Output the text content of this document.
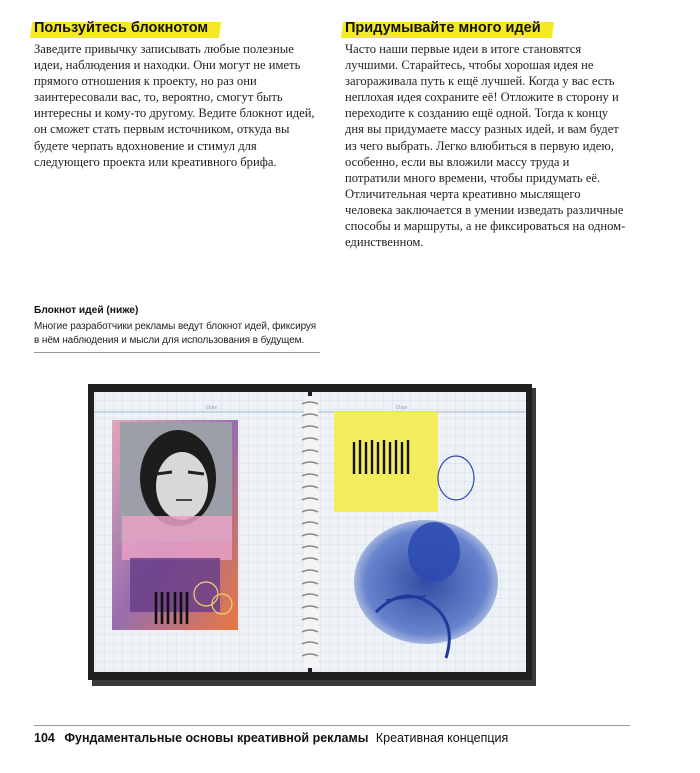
Пользуйтесь блокнотом

Заведите привычку записывать любые полезные идеи, наблюдения и находки. Они могут не иметь прямого отношения к проекту, но раз они заинтересовали вас, то, вероятно, смогут быть интересны и кому-то другому. Ведите блокнот идей, он сможет стать первым источником, откуда вы будете черпать вдохновение и стимул для следующего проекта или креативного брифа.

Придумывайте много идей

Часто наши первые идеи в итоге становятся лучшими. Старайтесь, чтобы хорошая идея не загораживала путь к ещё лучшей. Когда у вас есть неплохая идея сохраните её! Отложите в сторону и переходите к созданию ещё одной. Тогда к концу дня вы придумаете массу разных идей, и вам будет из чего выбрать. Легко влюбиться в первую идею, особенно, если вы вложили массу труда и потратили много времени, чтобы придумать её. Отличительная черта креативно мыслящего человека заключается в умении изведать различные способы и маршруты, а не фиксироваться на одном-единственном.

Блокнот идей (ниже)

Многие разработчики рекламы ведут блокнот идей, фиксируя в нём наблюдения и мысли для использования в будущем.

Date	Date
104 Фундаментальные основы креативной рекламы Креативная концепция
